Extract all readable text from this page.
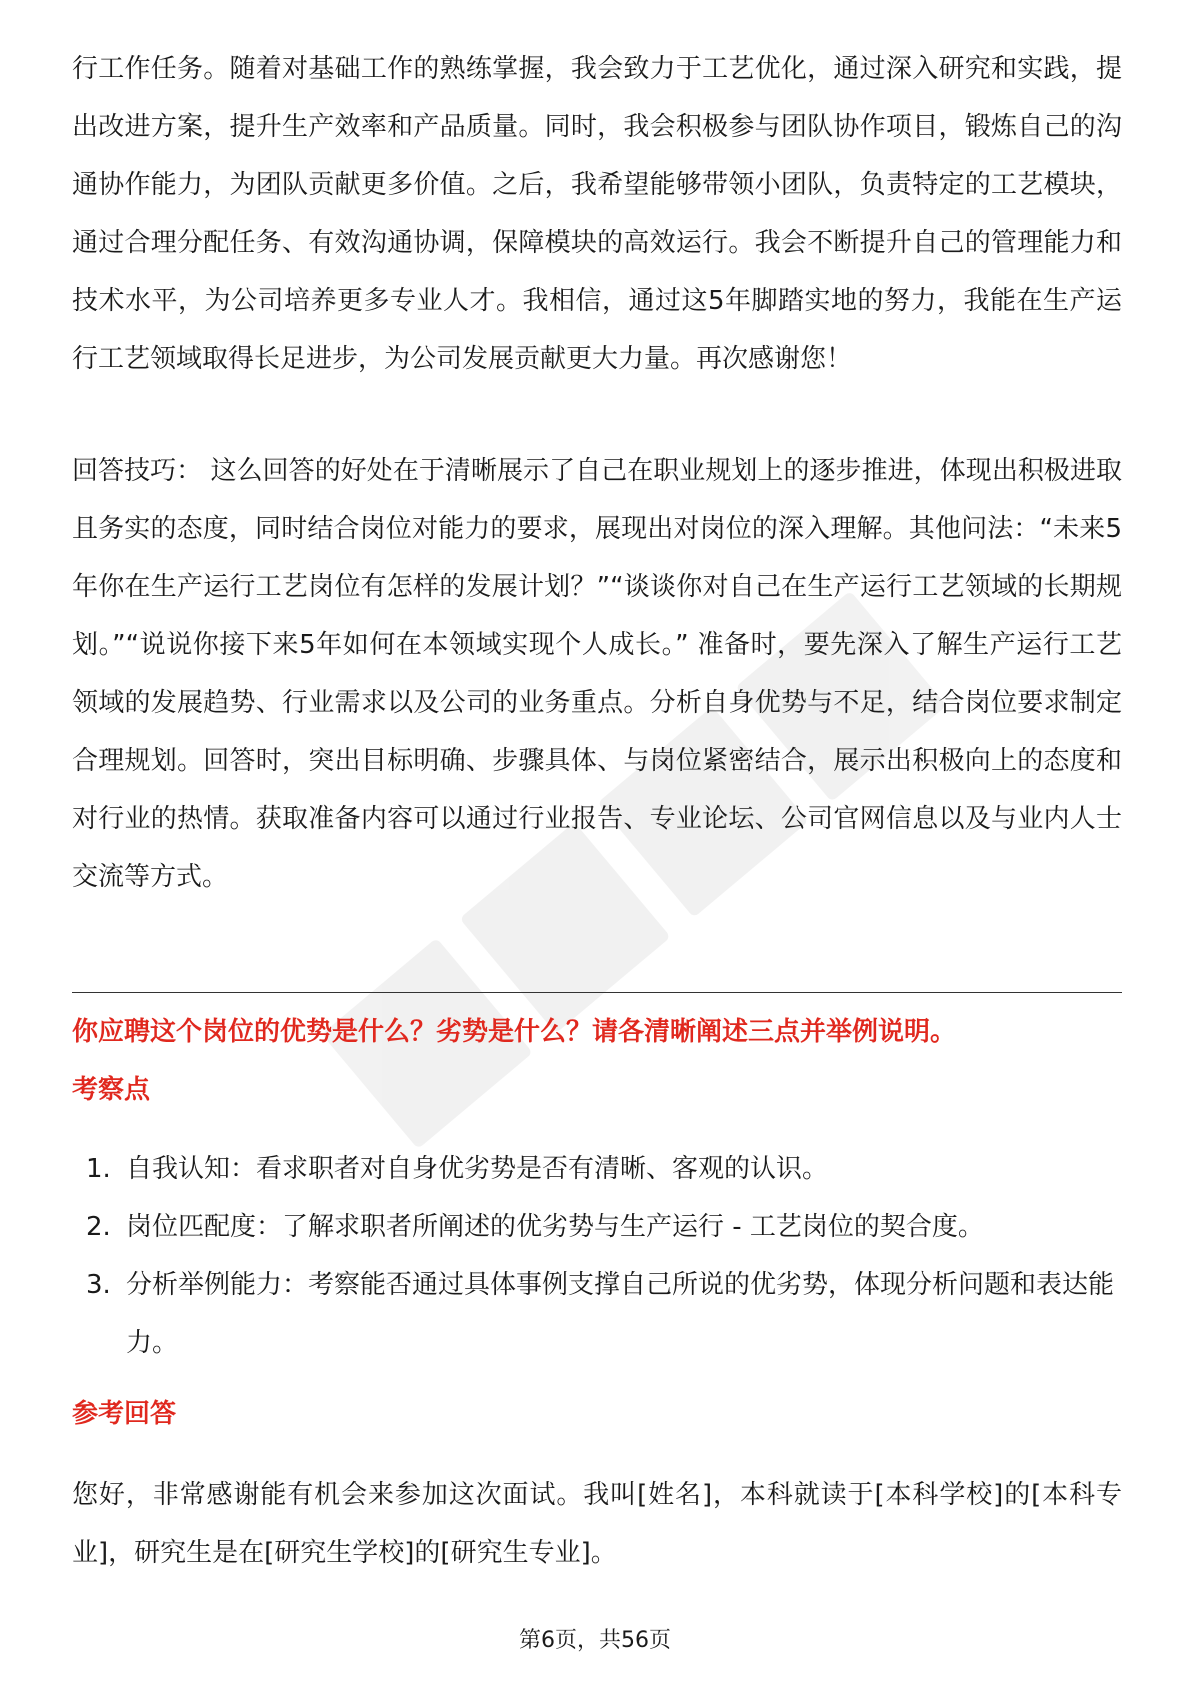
行工作任务。随着对基础工作的熟练掌握，我会致力于工艺优化，通过深入研究和实践，提出改进方案，提升生产效率和产品质量。同时，我会积极参与团队协作项目，锻炼自己的沟通协作能力，为团队贡献更多价值。之后，我希望能够带领小团队，负责特定的工艺模块，通过合理分配任务、有效沟通协调，保障模块的高效运行。我会不断提升自己的管理能力和技术水平，为公司培养更多专业人才。我相信，通过这5年脚踏实地的努力，我能在生产运行工艺领域取得长足进步，为公司发展贡献更大力量。再次感谢您！

回答技巧： 这么回答的好处在于清晰展示了自己在职业规划上的逐步推进，体现出积极进取且务实的态度，同时结合岗位对能力的要求，展现出对岗位的深入理解。其他问法：“未来5年你在生产运行工艺岗位有怎样的发展计划？”“谈谈你对自己在生产运行工艺领域的长期规划。”“说说你接下来5年如何在本领域实现个人成长。” 准备时，要先深入了解生产运行工艺领域的发展趋势、行业需求以及公司的业务重点。分析自身优势与不足，结合岗位要求制定合理规划。回答时，突出目标明确、步骤具体、与岗位紧密结合，展示出积极向上的态度和对行业的热情。获取准备内容可以通过行业报告、专业论坛、公司官网信息以及与业内人士交流等方式。

你应聘这个岗位的优势是什么？劣势是什么？请各清晰阐述三点并举例说明。
考察点
1. 自我认知：看求职者对自身优劣势是否有清晰、客观的认识。
2. 岗位匹配度：了解求职者所阐述的优劣势与生产运行 - 工艺岗位的契合度。
3. 分析举例能力：考察能否通过具体事例支撑自己所说的优劣势，体现分析问题和表达能力。
参考回答

您好，非常感谢能有机会来参加这次面试。我叫[姓名]，本科就读于[本科学校]的[本科专业]，研究生是在[研究生学校]的[研究生专业]。

第6页，共56页
